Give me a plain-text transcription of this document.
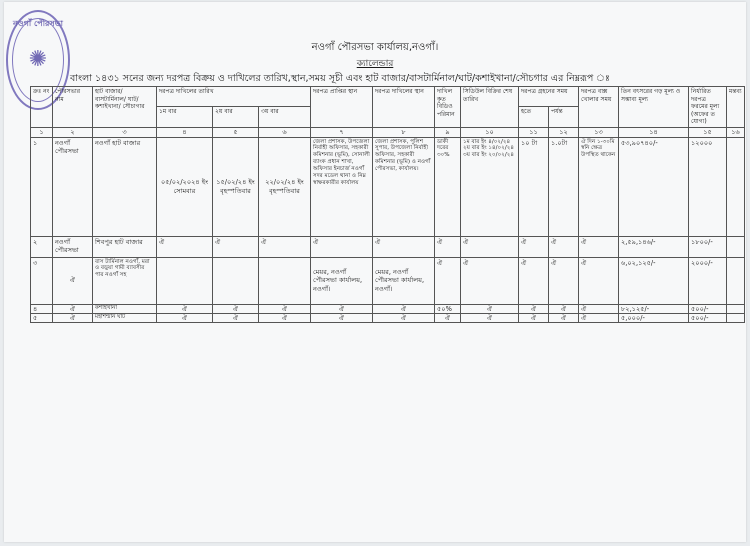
নওগাঁ পৌরসভা
✺	নওগাঁ পৌরসভা কার্যালয়,নওগাঁ।
ক্যালেন্ডার
বাংলা ১৪৩১ সনের জন্য দরপত্র বিক্রয় ও দাখিলের তারিখ,স্থান,সময় সূচী এবং হাট বাজার/বাসটার্মিনাল/ঘাট/কশাইখানা/সৌচগার এর নিম্নরূপ ঃ
ক্রঃ নং	পৌরসভার নাম	হাট বাজার/ বাসটার্মিনাল/ ঘাট/ কশাইখানা/ সৌচাগার	দরপত্র দাখিলের তারিখ			দরপত্র প্রাপ্তির স্থান	দরপত্র দাখিলের স্থান	দাখিল কৃত বিডিও পরিমান	সিডিউল বিক্রির শেষ তারিখ	দরপত্র গ্রহনের সময়		দরপত্র বাক্স খোলার সময়	তিন বৎসরের গড় মূল্য ও সম্ভাব্য মূল্য	নির্ধারিত দরপত্র ফরমের মূল্য (অফের ত যোগ্য)	মন্তব্য
			১ম বার	২য় বার	৩য় বার					হতে	পর্যন্ত				
১	২	৩	৪	৫	৬	৭	৮	৯	১০	১১	১২	১৩	১৪	১৫	১৬
১	নওগাঁ পৌরসভা	নওগাঁ হাট বাজার	০৫/০২/২০২৪ ইং সোমবার	১৫/০২/২৪ ইং বৃহস্পতিবার	২২/০২/২৪ ইং বৃহস্পতিবার	জেলা প্রশাসক, উপজেলা নির্বাহী অফিসার, সহকারী কমিশনার (ভূমি), সোনালী ব্যাংক প্রধান শাখা, অফিসার ইনচার্জ নওগাঁ সদর মডেল থানা ও নিম্ন স্বাক্ষরকারীর কার্যালয়	জেলা প্রশাসক, পুলিশ সুপার, উপজেলা নির্বাহী অফিসার, সহকারী কমিশনার (ভূমি) ও নওগাঁ পৌরসভা, কার্যালয়।	ডাকী দরের ৩০%	১ম বার ইং ৪/০২/২৪ ২য় বার ইং ১৪/০২/২৪ ৩য় বার ইং ২০/০২/২৪	১০ টা	১.০টা	ঐ দিন ১-৩০মি স্বনি ক্ষেত্র উপস্থিত থাকেন	৫৩,৯০৭৪০/-	১২০০০	
২	নওগাঁ পৌরসভা	শিবপুর হাট বাজার	ঐ	ঐ	ঐ	ঐ	ঐ	ঐ	ঐ	ঐ	ঐ	ঐ	২,৫৯,১৪৬/-	১৮০০/-	
৩	ঐ	বাস টার্মিনাল নওগাঁ, মরা ও বড়ুয়া গামী ব্যাবসীর পার নওগাঁ সহ				মেয়র, নওগাঁ পৌরসভা কার্যালয়, নওগাঁ।	মেয়র, নওগাঁ পৌরসভা কার্যালয়, নওগাঁ।	ঐ	ঐ	ঐ	ঐ	ঐ	৬,০২,১২৫/-	২০০০/-	
৪	ঐ	কশাইখানা	ঐ	ঐ	ঐ	ঐ	ঐ	৫০%	ঐ	ঐ	ঐ	ঐ	৮২,১২৫/-	৫০০/-	
৫	ঐ	মহাশশ্মান ঘাট	ঐ	ঐ	ঐ	ঐ	ঐ	ঐ	ঐ	ঐ	ঐ	ঐ	৫,০০০/-	৫০০/-	
